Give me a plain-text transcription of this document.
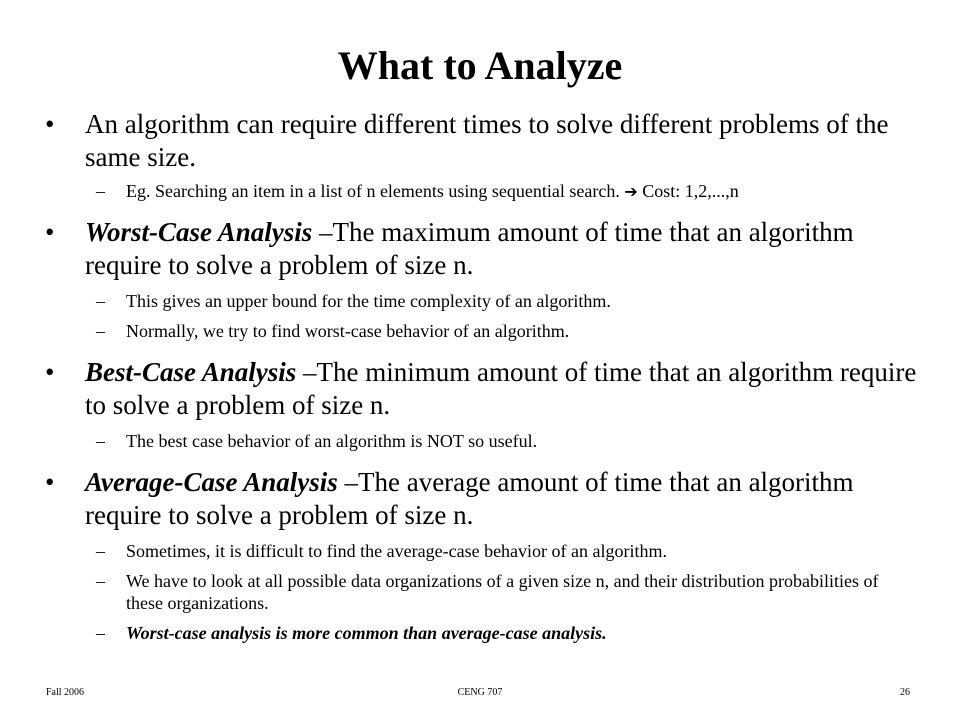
What to Analyze
• An algorithm can require different times to solve different problems of the same size.
– Eg. Searching an item in a list of n elements using sequential search. ➔ Cost: 1,2,...,n
• Worst-Case Analysis –The maximum amount of time that an algorithm require to solve a problem of size n.
– This gives an upper bound for the time complexity of an algorithm.
– Normally, we try to find worst-case behavior of an algorithm.
• Best-Case Analysis –The minimum amount of time that an algorithm require to solve a problem of size n.
– The best case behavior of an algorithm is NOT so useful.
• Average-Case Analysis –The average amount of time that an algorithm require to solve a problem of size n.
– Sometimes, it is difficult to find the average-case behavior of an algorithm.
– We have to look at all possible data organizations of a given size n, and their distribution probabilities of these organizations.
– Worst-case analysis is more common than average-case analysis.
Fall 2006	CENG 707	26
